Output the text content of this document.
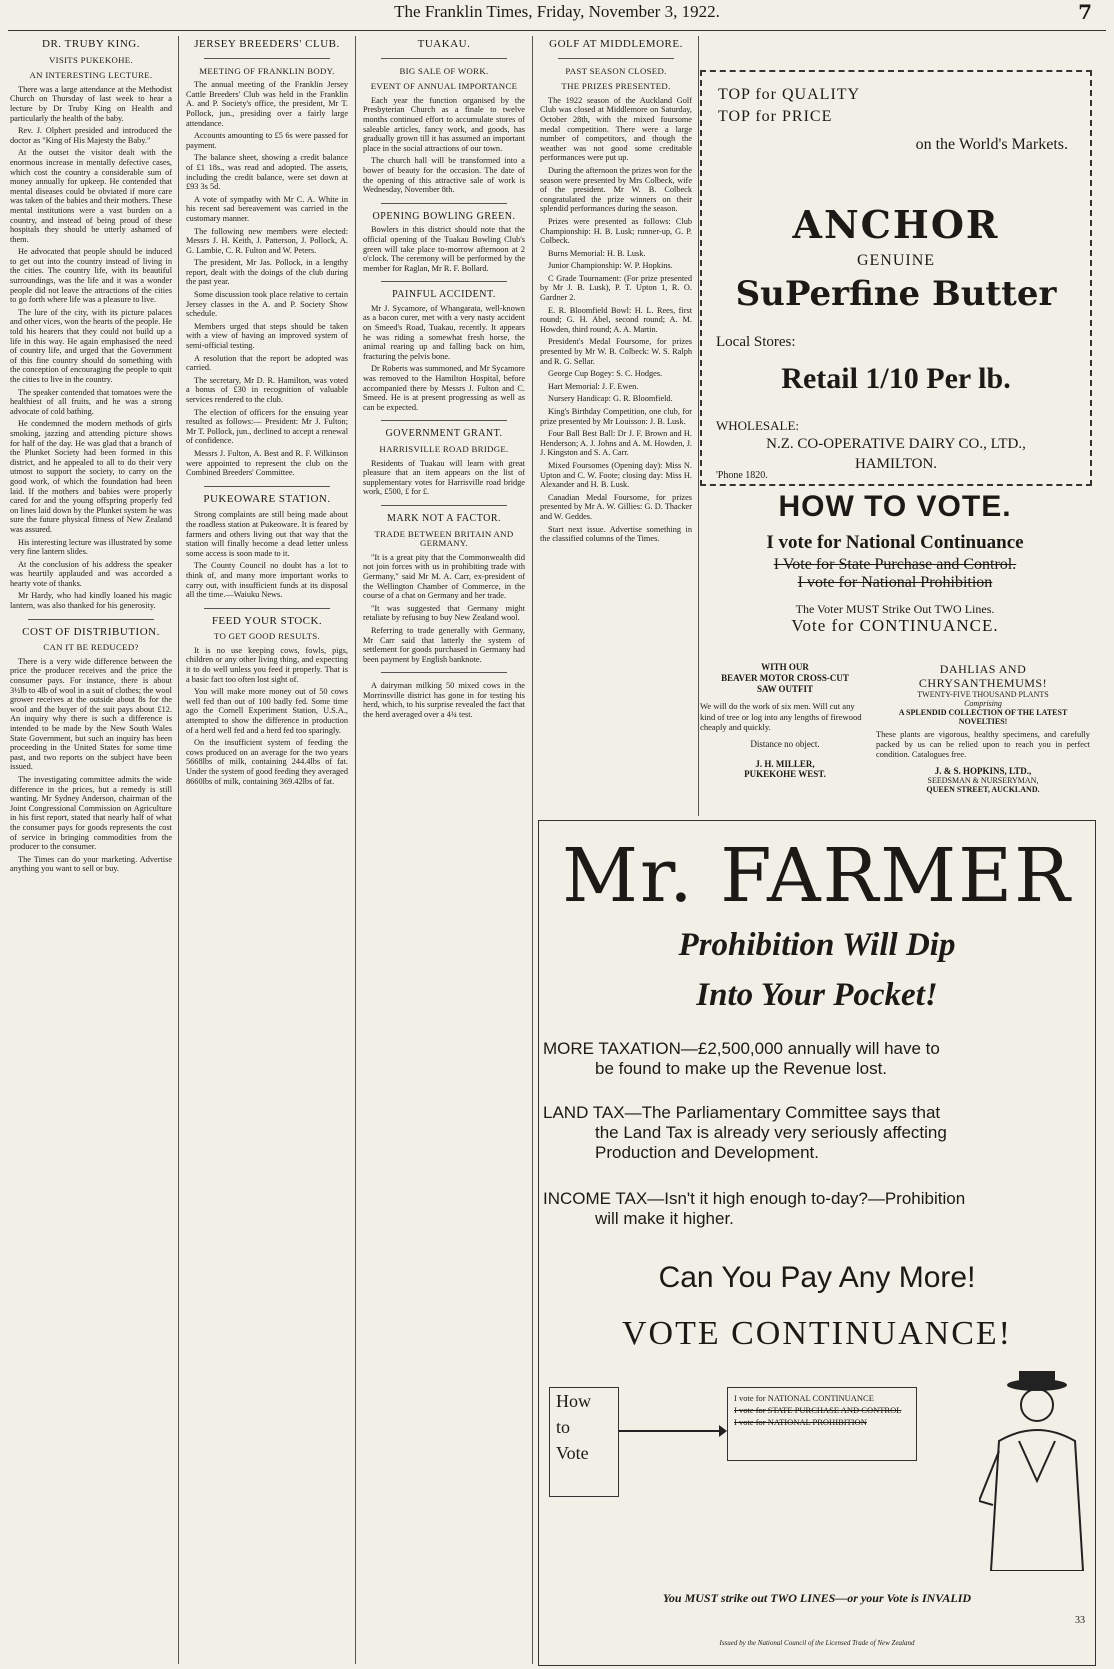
The Franklin Times, Friday, November 3, 1922.	7
DR. TRUBY KING.
VISITS PUKEKOHE.
AN INTERESTING LECTURE.

There was a large attendance at the Methodist Church on Thursday of last week to hear a lecture by Dr Truby King on Health and particularly the health of the baby.

Rev. J. Olphert presided and introduced the doctor as "King of His Majesty the Baby."

At the outset the visitor dealt with the enormous increase in mentally defective cases, which cost the country a considerable sum of money annually for upkeep. He contended that mental diseases could be obviated if more care was taken of the babies and their mothers. These mental institutions were a vast burden on a country, and instead of being proud of these hospitals they should be utterly ashamed of them.

He advocated that people should be induced to get out into the country instead of living in the cities. The country life, with its beautiful surroundings, was the life and it was a wonder people did not leave the attractions of the cities to go forth where life was a pleasure to live.

The lure of the city, with its picture palaces and other vices, won the hearts of the people. He told his hearers that they could not build up a life in this way. He again emphasised the need of country life, and urged that the Government of this fine country should do something with the conception of encouraging the people to quit the cities to live in the country.

The speaker contended that tomatoes were the healthiest of all fruits, and he was a strong advocate of cold bathing.

He condemned the modern methods of girls smoking, jazzing and attending picture shows for half of the day. He was glad that a branch of the Plunket Society had been formed in this district, and he appealed to all to do their very utmost to support the society, to carry on the good work, of which the foundation had been laid. If the mothers and babies were properly cared for and the young offspring properly fed on lines laid down by the Plunket system he was sure the future physical fitness of New Zealand was assured.

His interesting lecture was illustrated by some very fine lantern slides.

At the conclusion of his address the speaker was heartily applauded and was accorded a hearty vote of thanks.

Mr Hardy, who had kindly loaned his magic lantern, was also thanked for his generosity.

COST OF DISTRIBUTION.
CAN IT BE REDUCED?

There is a very wide difference between the price the producer receives and the price the consumer pays. For instance, there is about 3½lb to 4lb of wool in a suit of clothes; the wool grower receives at the outside about 8s for the wool and the buyer of the suit pays about £12. An inquiry why there is such a difference is intended to be made by the New South Wales State Government, but such an inquiry has been proceeding in the United States for some time past, and two reports on the subject have been issued.

The investigating committee admits the wide difference in the prices, but a remedy is still wanting. Mr Sydney Anderson, chairman of the Joint Congressional Commission on Agriculture in his first report, stated that nearly half of what the consumer pays for goods represents the cost of service in bringing commodities from the producer to the consumer.

The Times can do your marketing. Advertise anything you want to sell or buy.

JERSEY BREEDERS' CLUB.
MEETING OF FRANKLIN BODY.

The annual meeting of the Franklin Jersey Cattle Breeders' Club was held in the Franklin A. and P. Society's office, the president, Mr T. Pollock, jun., presiding over a fairly large attendance.

Accounts amounting to £5 6s were passed for payment.

The balance sheet, showing a credit balance of £1 18s., was read and adopted. The assets, including the credit balance, were set down at £93 3s 5d.

A vote of sympathy with Mr C. A. White in his recent sad bereavement was carried in the customary manner.

The following new members were elected: Messrs J. H. Keith, J. Patterson, J. Pollock, A. G. Lambie, C. R. Fulton and W. Peters.

The president, Mr Jas. Pollock, in a lengthy report, dealt with the doings of the club during the past year.

Some discussion took place relative to certain Jersey classes in the A. and P. Society Show schedule.

Members urged that steps should be taken with a view of having an improved system of semi-official testing.

A resolution that the report be adopted was carried.

The secretary, Mr D. R. Hamilton, was voted a bonus of £30 in recognition of valuable services rendered to the club.

The election of officers for the ensuing year resulted as follows:— President: Mr J. Fulton; Mr T. Pollock, jun., declined to accept a renewal of confidence.

Messrs J. Fulton, A. Best and R. F. Wilkinson were appointed to represent the club on the Combined Breeders' Committee.

PUKEOWARE STATION.

Strong complaints are still being made about the roadless station at Pukeoware. It is feared by farmers and others living out that way that the station will finally become a dead letter unless some access is soon made to it.

The County Council no doubt has a lot to think of, and many more important works to carry out, with insufficient funds at its disposal all the time.—Waiuku News.

FEED YOUR STOCK.
TO GET GOOD RESULTS.

It is no use keeping cows, fowls, pigs, children or any other living thing, and expecting it to do well unless you feed it properly. That is a basic fact too often lost sight of.

You will make more money out of 50 cows well fed than out of 100 badly fed. Some time ago the Cornell Experiment Station, U.S.A., attempted to show the difference in production of a herd well fed and a herd fed too sparingly.

On the insufficient system of feeding the cows produced on an average for the two years 5668lbs of milk, containing 244.4lbs of fat. Under the system of good feeding they averaged 8660lbs of milk, containing 369.42lbs of fat.

TUAKAU.
BIG SALE OF WORK.
EVENT OF ANNUAL IMPORTANCE

Each year the function organised by the Presbyterian Church as a finale to twelve months continued effort to accumulate stores of saleable articles, fancy work, and goods, has gradually grown till it has assumed an important place in the social attractions of our town.

The church hall will be transformed into a bower of beauty for the occasion. The date of the opening of this attractive sale of work is Wednesday, November 8th.

OPENING BOWLING GREEN.

Bowlers in this district should note that the official opening of the Tuakau Bowling Club's green will take place to-morrow afternoon at 2 o'clock. The ceremony will be performed by the member for Raglan, Mr R. F. Bollard.

PAINFUL ACCIDENT.

Mr J. Sycamore, of Whangarata, well-known as a bacon curer, met with a very nasty accident on Smeed's Road, Tuakau, recently. It appears he was riding a somewhat fresh horse, the animal rearing up and falling back on him, fracturing the pelvis bone.

Dr Roberts was summoned, and Mr Sycamore was removed to the Hamilton Hospital, before accompanied there by Messrs J. Fulton and C. Smeed. He is at present progressing as well as can be expected.

GOVERNMENT GRANT.
HARRISVILLE ROAD BRIDGE.

Residents of Tuakau will learn with great pleasure that an item appears on the list of supplementary votes for Harrisville road bridge work, £500, £ for £.

MARK NOT A FACTOR.
TRADE BETWEEN BRITAIN AND GERMANY.

"It is a great pity that the Commonwealth did not join forces with us in prohibiting trade with Germany," said Mr M. A. Carr, ex-president of the Wellington Chamber of Commerce, in the course of a chat on Germany and her trade.

"It was suggested that Germany might retaliate by refusing to buy New Zealand wool.

Referring to trade generally with Germany, Mr Carr said that latterly the system of settlement for goods purchased in Germany had been payment by English banknote.

A dairyman milking 50 mixed cows in the Morrinsville district has gone in for testing his herd, which, to his surprise revealed the fact that the herd averaged over a 4¾ test.

GOLF AT MIDDLEMORE.
PAST SEASON CLOSED.
THE PRIZES PRESENTED.

The 1922 season of the Auckland Golf Club was closed at Middlemore on Saturday, October 28th, with the mixed foursome medal competition. There were a large number of competitors, and though the weather was not good some creditable performances were put up.

During the afternoon the prizes won for the season were presented by Mrs Colbeck, wife of the president. Mr W. B. Colbeck congratulated the prize winners on their splendid performances during the season.

Prizes were presented as follows: Club Championship: H. B. Lusk; runner-up, G. P. Colbeck.

Burns Memorial: H. B. Lusk.

Junior Championship: W. P. Hopkins.

C Grade Tournament: (For prize presented by Mr J. B. Lusk), P. T. Upton 1, R. O. Gardner 2.

E. R. Bloomfield Bowl: H. L. Rees, first round; G. H. Abel, second round; A. M. Howden, third round; A. A. Martin.

President's Medal Foursome, for prizes presented by Mr W. B. Colbeck: W. S. Ralph and R. G. Sellar.

George Cup Bogey: S. C. Hodges.

Hart Memorial: J. F. Ewen.

Nursery Handicap: G. R. Bloomfield.

King's Birthday Competition, one club, for prize presented by Mr Louisson: J. B. Lusk.

Four Ball Best Ball: Dr J. F. Brown and H. Henderson; A. J. Johns and A. M. Howden, J. J. Kingston and S. A. Carr.

Mixed Foursomes (Opening day): Miss N. Upton and C. W. Foote; closing day: Miss H. Alexander and H. B. Lusk.

Canadian Medal Foursome, for prizes presented by Mr A. W. Gillies: G. D. Thacker and W. Geddes.

Start next issue. Advertise something in the classified columns of the Times.

TOP for QUALITY
TOP for PRICE
on the World's Markets.
ANCHOR
GENUINE
SuPerfine Butter
Local Stores:
Retail 1/10 Per lb.
WHOLESALE:
N.Z. CO-OPERATIVE DAIRY CO., LTD.,
HAMILTON.
'Phone 1820.
HOW TO VOTE.
I vote for National Continuance
I Vote for State Purchase and Control.
I vote for National Prohibition
The Voter MUST Strike Out TWO Lines.
Vote for CONTINUANCE.
WITH OUR
BEAVER MOTOR CROSS-CUT
SAW OUTFIT
We will do the work of six men. Will cut any kind of tree or log into any lengths of firewood cheaply and quickly.
Distance no object.
J. H. MILLER,
PUKEKOHE WEST.
DAHLIAS AND
CHRYSANTHEMUMS!
TWENTY-FIVE THOUSAND PLANTS
Comprising
A SPLENDID COLLECTION OF THE LATEST NOVELTIES!
These plants are vigorous, healthy specimens, and carefully packed by us can be relied upon to reach you in perfect condition. Catalogues free.
J. & S. HOPKINS, LTD.,
SEEDSMAN & NURSERYMAN,
QUEEN STREET, AUCKLAND.
Mr. FARMER
Prohibition Will Dip
Into Your Pocket!
MORE TAXATION—£2,500,000 annually will have to
be found to make up the Revenue lost.
LAND TAX—The Parliamentary Committee says that
the Land Tax is already very seriously affecting
Production and Development.
INCOME TAX—Isn't it high enough to-day?—Prohibition
will make it higher.
Can You Pay Any More!
VOTE CONTINUANCE!
How
to
Vote
I vote for NATIONAL CONTINUANCE
I vote for STATE PURCHASE AND CONTROL
I vote for NATIONAL PROHIBITION
You MUST strike out TWO LINES—or your Vote is INVALID
33
Issued by the National Council of the Licensed Trade of New Zealand
